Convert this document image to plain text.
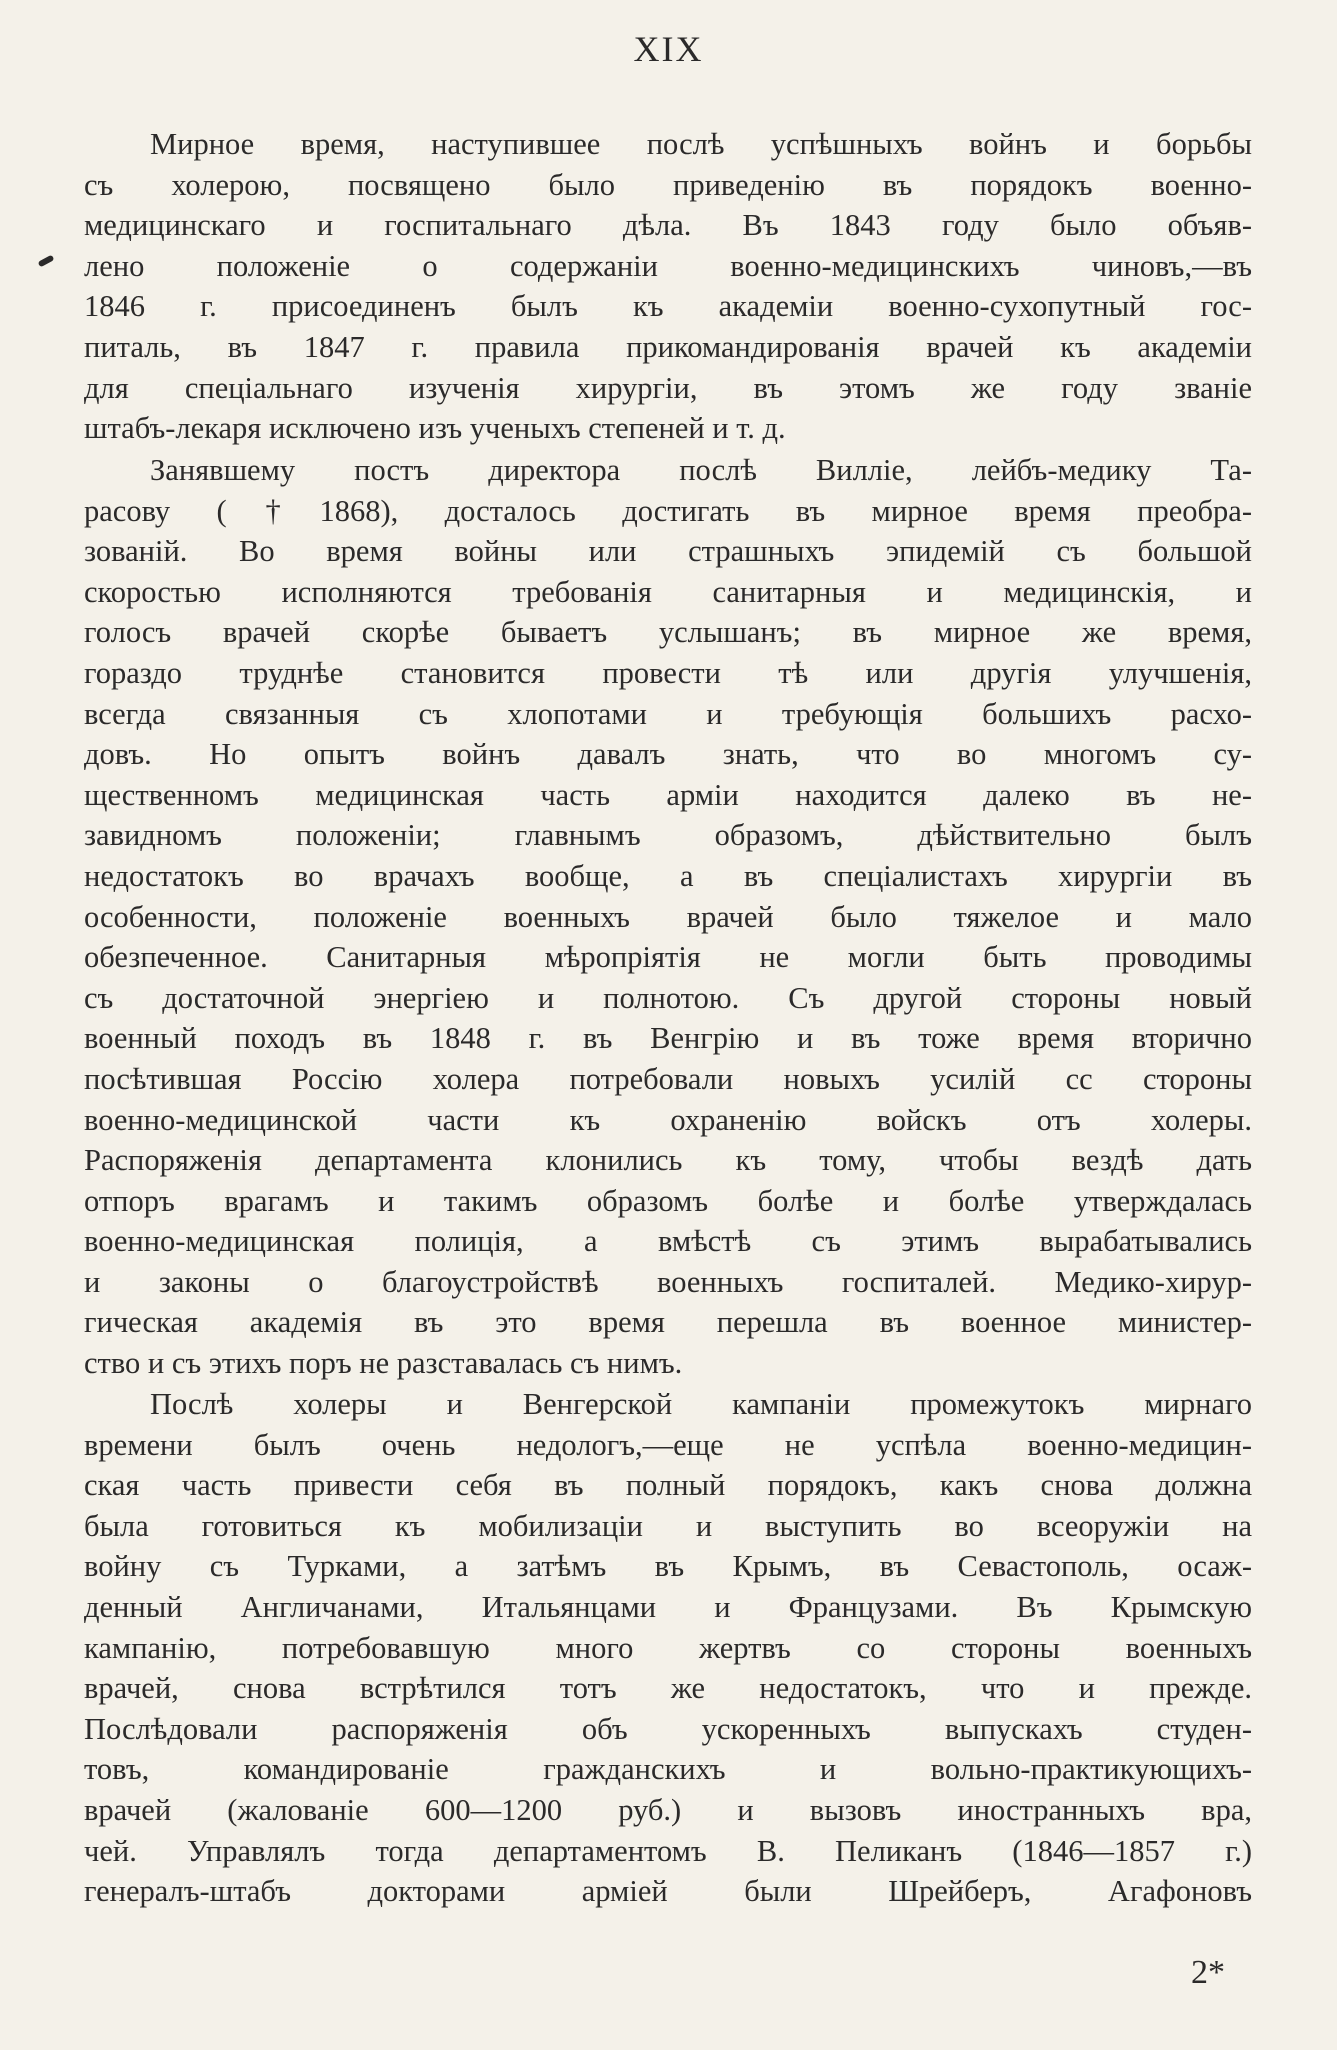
XIX
Мирное время, наступившее послѣ успѣшныхъ войнъ и борьбы
съ холерою, посвящено было приведенію въ порядокъ военно-
медицинскаго и госпитальнаго дѣла. Въ 1843 году было объяв-
лено положеніе о содержаніи военно-медицинскихъ чиновъ,—въ
1846 г. присоединенъ былъ къ академіи военно-сухопутный гос-
питаль, въ 1847 г. правила прикомандированія врачей къ академіи
для спеціальнаго изученія хирургіи, въ этомъ же году званіе
штабъ-лекаря исключено изъ ученыхъ степеней и т. д.
Занявшему постъ директора послѣ Виллie, лейбъ-медику Та-
расову (†1868), досталось достигать въ мирное время преобра-
зованій. Во время войны или страшныхъ эпидемій съ большой
скоростью исполняются требованія санитарныя и медицинскія, и
голосъ врачей скорѣе бываетъ услышанъ; въ мирное же время,
гораздо труднѣе становится провести тѣ или другія улучшенія,
всегда связанныя съ хлопотами и требующія большихъ расхо-
довъ. Но опытъ войнъ давалъ знать, что во многомъ су-
щественномъ медицинская часть арміи находится далеко въ не-
завидномъ положеніи; главнымъ образомъ, дѣйствительно былъ
недостатокъ во врачахъ вообще, а въ спеціалистахъ хирургіи въ
особенности, положеніе военныхъ врачей было тяжелое и мало
обезпеченное. Санитарныя мѣропріятія не могли быть проводимы
съ достаточной энергіею и полнотою. Съ другой стороны новый
военный походъ въ 1848 г. въ Венгрію и въ тоже время вторично
посѣтившая Россію холера потребовали новыхъ усилій сс стороны
военно-медицинской части къ охраненію войскъ отъ холеры.
Распоряженія департамента клонились къ тому, чтобы вездѣ дать
отпоръ врагамъ и такимъ образомъ болѣе и болѣе утверждалась
военно-медицинская полиція, а вмѣстѣ съ этимъ вырабатывались
и законы о благоустройствѣ военныхъ госпиталей. Медико-хирур-
гическая академія въ это время перешла въ военное министер-
ство и съ этихъ поръ не разставалась съ нимъ.
Послѣ холеры и Венгерской кампаніи промежутокъ мирнаго
времени былъ очень недологъ,—еще не успѣла военно-медицин-
ская часть привести себя въ полный порядокъ, какъ снова должна
была готовиться къ мобилизаціи и выступить во всеоружіи на
войну съ Турками, а затѣмъ въ Крымъ, въ Севастополь, осаж-
денный Англичанами, Итальянцами и Французами. Въ Крымскую
кампанію, потребовавшую много жертвъ со стороны военныхъ
врачей, снова встрѣтился тотъ же недостатокъ, что и прежде.
Послѣдовали распоряженія объ ускоренныхъ выпускахъ студен-
товъ, командированіе гражданскихъ и вольно-практикующихъ-
врачей (жалованіе 600—1200 руб.) и вызовъ иностранныхъ вра,
чей. Управлялъ тогда департаментомъ В. Пеликанъ (1846—1857 г.)
генералъ-штабъ докторами арміей были Шрейберъ, Агафоновъ
2*
